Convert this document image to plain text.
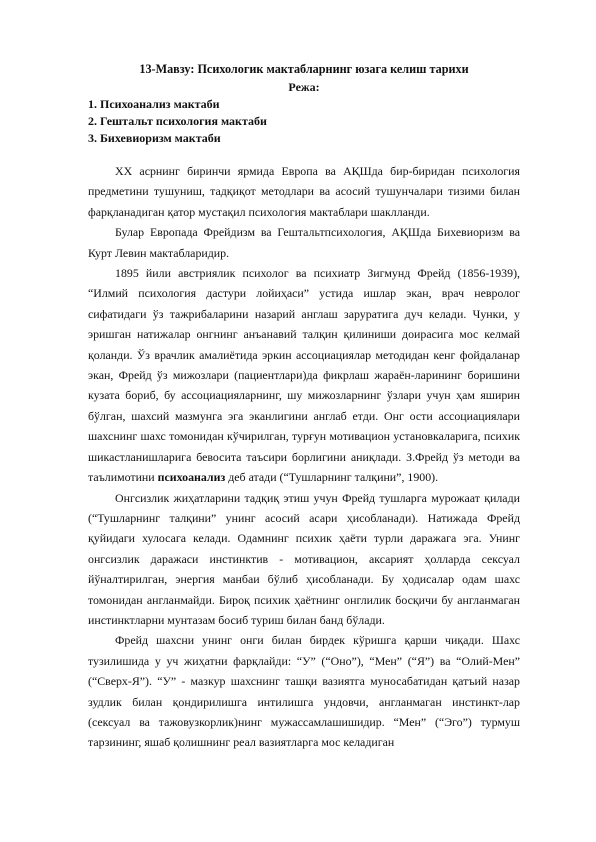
13-Мавзу: Психологик мактабларнинг юзага келиш тарихи
Режа:
1. Психоанализ мактаби
2. Гештальт психология мактаби
3. Бихевиоризм мактаби

XX асрнинг биринчи ярмида Европа ва АҚШда бир-биридан психология предметини тушуниш, тадқиқот методлари ва асосий тушунчалари тизими билан фарқланадиган қатор мустақил психология мактаблари шаклланди.

Булар Европада Фрейдизм ва Гештальтпсихология, АҚШда Бихевиоризм ва Курт Левин мактабларидир.

1895 йили австриялик психолог ва психиатр Зигмунд Фрейд (1856-1939), “Илмий психология дастури лойиҳаси” устида ишлар экан, врач невролог сифатидаги ўз тажрибаларини назарий англаш заруратига дуч келади. Чунки, у эришган натижалар онгнинг анъанавий талқин қилиниши доирасига мос келмай қоланди. Ўз врачлик амалиётида эркин ассоциациялар методидан кенг фойдаланар экан, Фрейд ўз мижозлари (пациентлари)да фикрлаш жараён-ларининг боришини кузата бориб, бу ассоциацияларнинг, шу мижозларнинг ўзлари учун ҳам яширин бўлган, шахсий мазмунга эга эканлигини англаб етди. Онг ости ассоциациялари шахснинг шахс томонидан кўчирилган, турғун мотивацион установкаларига, психик шикастланишларига бевосита таъсири борлигини аниқлади. З.Фрейд ўз методи ва таълимотини психоанализ деб атади (“Тушларнинг талқини”, 1900).

Онгсизлик жиҳатларини тадқиқ этиш учун Фрейд тушларга мурожаат қилади (“Тушларнинг талқини” унинг асосий асари ҳисобланади). Натижада Фрейд қуйидаги хулосага келади. Одамнинг психик ҳаёти турли даражага эга. Унинг онгсизлик даражаси инстинктив - мотивацион, аксарият ҳолларда сексуал йўналтирилган, энергия манбаи бўлиб ҳисобланади. Бу ҳодисалар одам шахс томонидан англанмайди. Бироқ психик ҳаётнинг онглилик босқичи бу англанмаган инстинктларни мунтазам босиб туриш билан банд бўлади.

Фрейд шахсни унинг онги билан бирдек кўришга қарши чиқади. Шахс тузилишида у уч жиҳатни фарқлайди: “У” (“Оно”), “Мен” (“Я”) ва “Олий-Мен” (“Сверх-Я”). “У” - мазкур шахснинг ташқи вазиятга муносабатидан қатъий назар зудлик билан қондирилишга интилишга ундовчи, англанмаган инстинкт-лар (сексуал ва тажовузкорлик)нинг мужассамлашишидир. “Мен” (“Эго”) турмуш тарзининг, яшаб қолишнинг реал вазиятларга мос келадиган
